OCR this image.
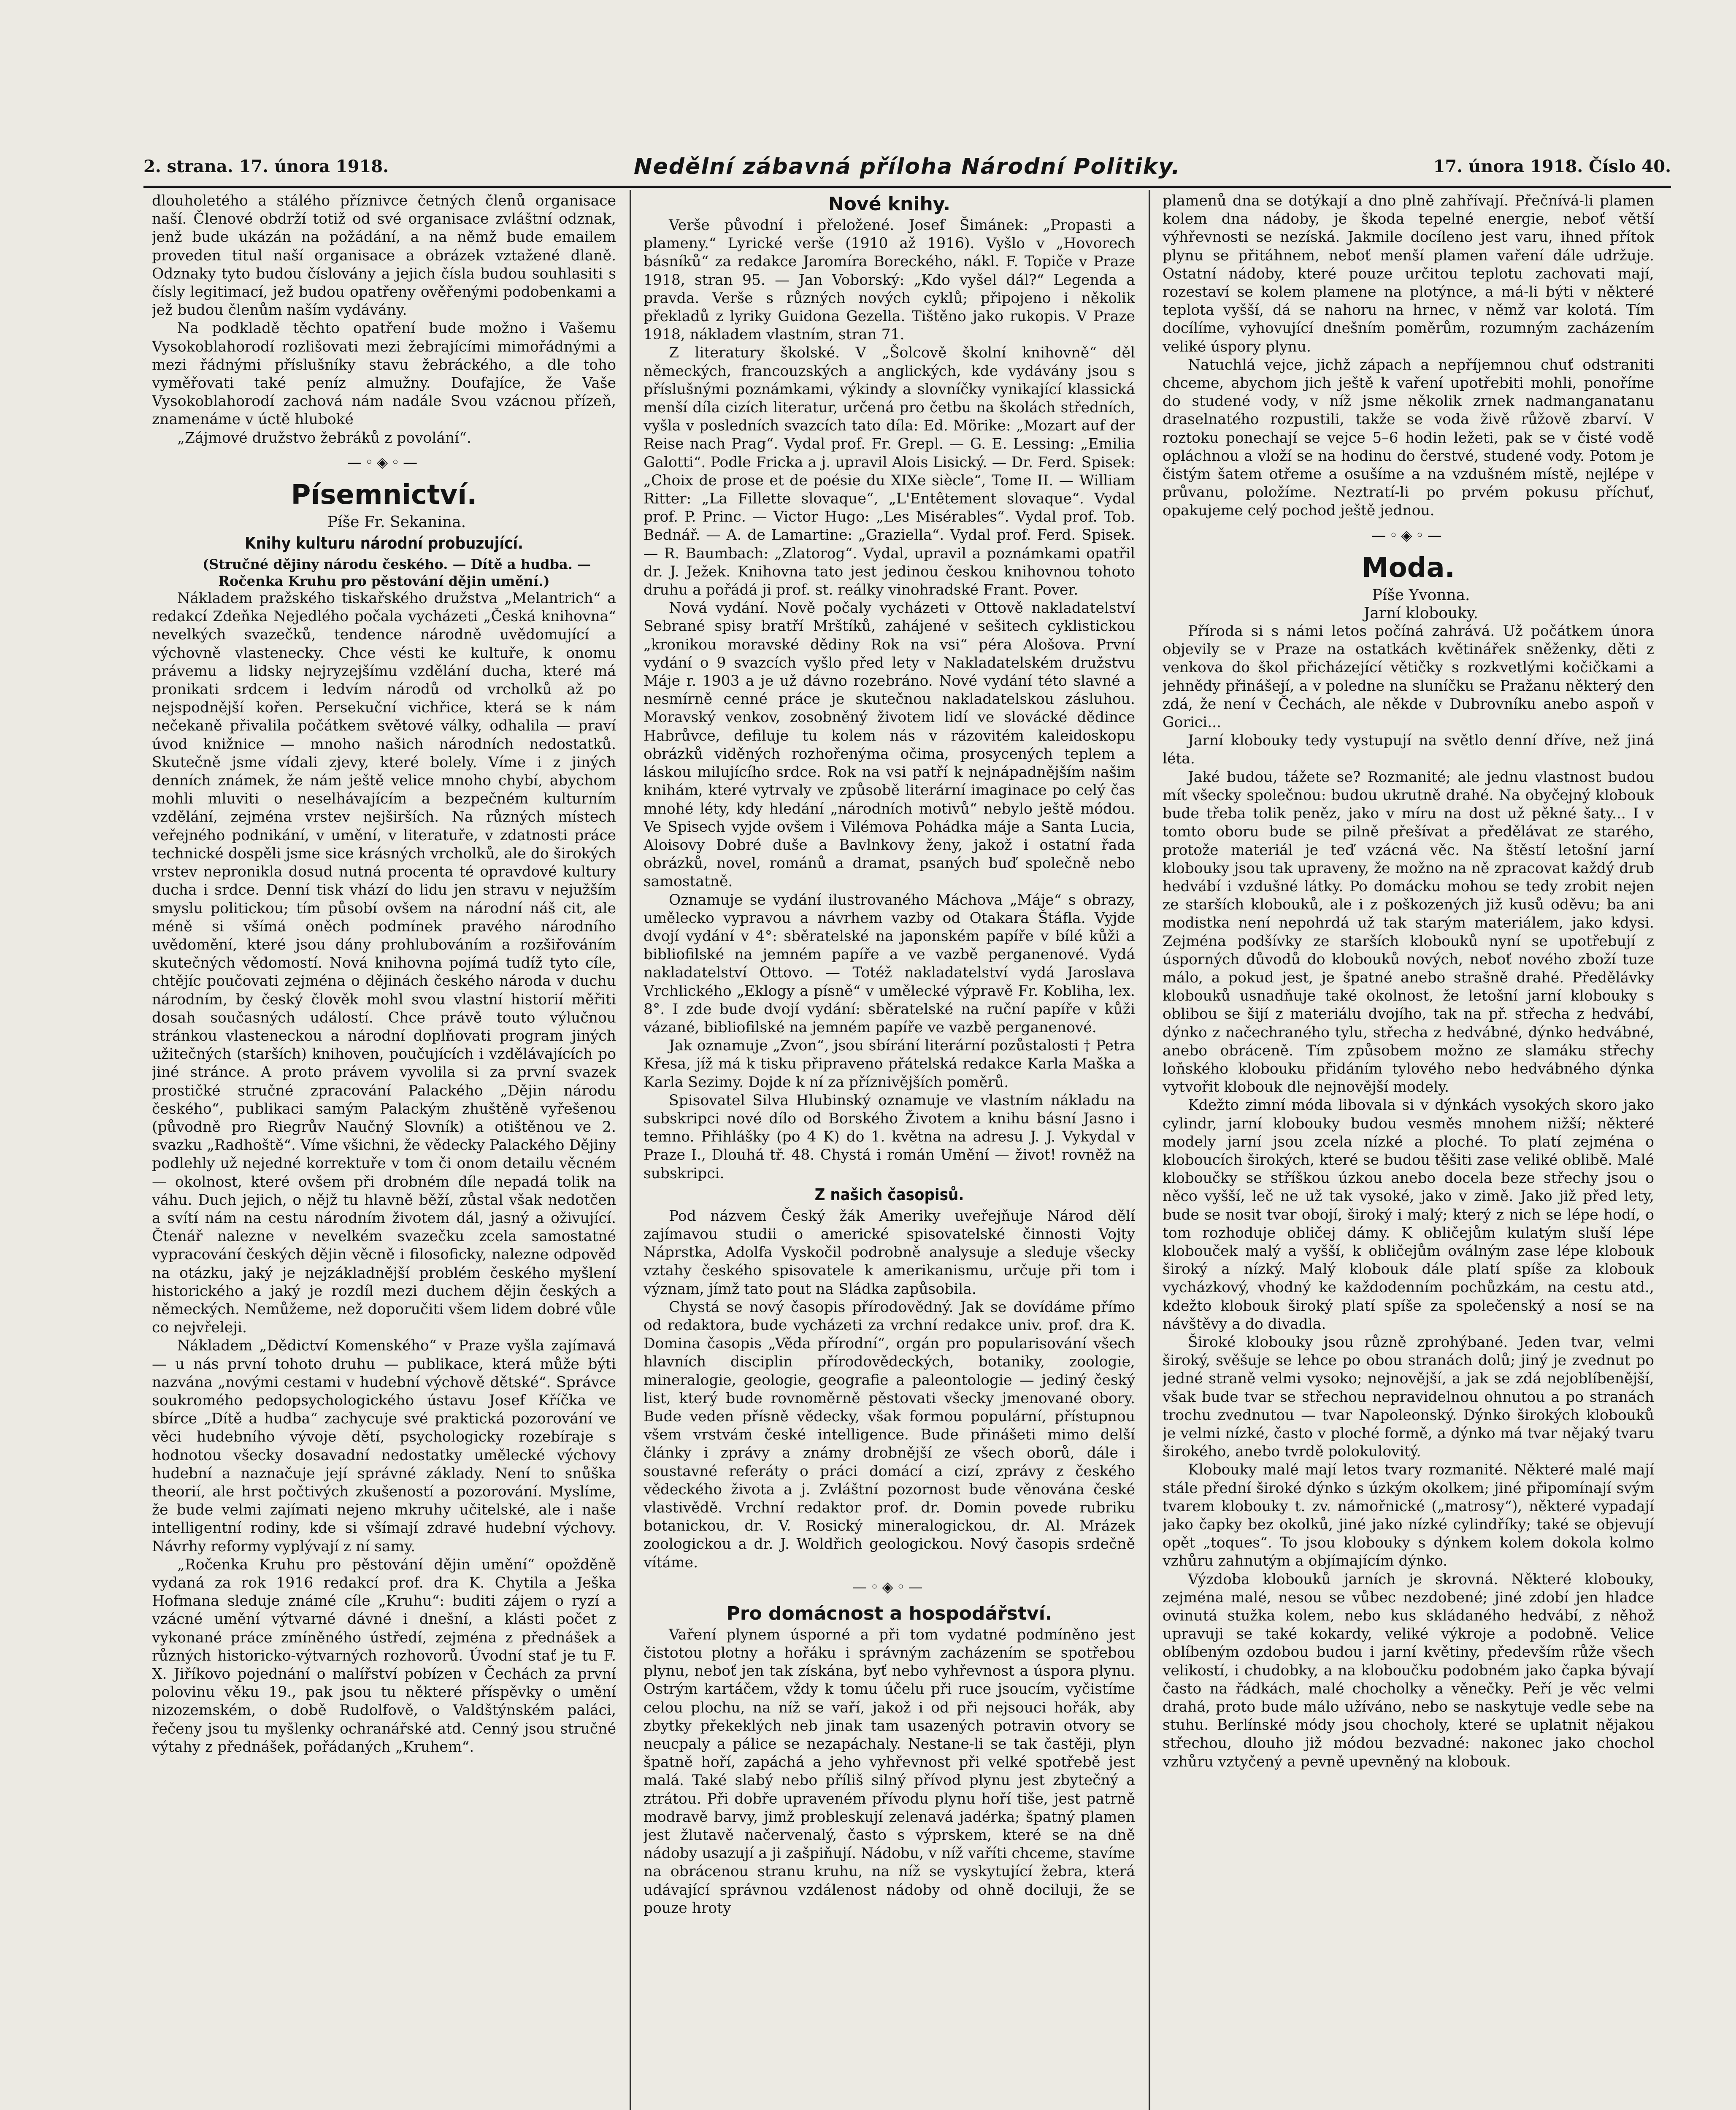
2. strana. 17. února 1918.	Nedělní zábavná příloha Národní Politiky.	17. února 1918. Číslo 40.

dlouholetého a stálého příznivce četných členů organisace naší. Členové obdrží totiž od své organisace zvláštní odznak, jenž bude ukázán na požádání, a na němž bude emailem proveden titul naší organisace a obrázek vztažené dlaně. Odznaky tyto budou číslovány a jejich čísla budou souhlasiti s čísly legitimací, jež budou opatřeny ověřenými podobenkami a jež budou členům naším vydávány.

Na podkladě těchto opatření bude možno i Vašemu Vysokoblahorodí rozlišovati mezi žebrajícími mimořádnými a mezi řádnými příslušníky stavu žebráckého, a dle toho vyměřovati také peníz almužny. Doufajíce, že Vaše Vysokoblahorodí zachová nám nadále Svou vzácnou přízeň, znamenáme v úctě hluboké

„Zájmové družstvo žebráků z povolání“.

—◦◈◦—
Písemnictví.

Píše Fr. Sekanina.

Knihy kulturu národní probuzující.

(Stručné dějiny národu českého. — Dítě a hudba. — Ročenka Kruhu pro pěstování dějin umění.)

Nákladem pražského tiskařského družstva „Melantrich“ a redakcí Zdeňka Nejedlého počala vycházeti „Česká knihovna“ nevelkých svazečků, tendence národně uvědomující a výchovně vlastenecky. Chce vésti ke kultuře, k onomu právemu a lidsky nejryzejšímu vzdělání ducha, které má pronikati srdcem i ledvím národů od vrcholků až po nejspodnější kořen. Persekuční vichřice, která se k nám nečekaně přivalila počátkem světové války, odhalila — praví úvod knižnice — mnoho našich národních nedostatků. Skutečně jsme vídali zjevy, které bolely. Víme i z jiných denních známek, že nám ještě velice mnoho chybí, abychom mohli mluviti o neselhávajícím a bezpečném kulturním vzdělání, zejména vrstev nejširších. Na různých místech veřejného podnikání, v umění, v literatuře, v zdatnosti práce technické dospěli jsme sice krásných vrcholků, ale do širokých vrstev nepronikla dosud nutná procenta té opravdové kultury ducha i srdce. Denní tisk vhází do lidu jen stravu v nejužším smyslu politickou; tím působí ovšem na národní náš cit, ale méně si všímá oněch podmínek pravého národního uvědomění, které jsou dány prohlubováním a rozšiřováním skutečných vědomostí. Nová knihovna pojímá tudíž tyto cíle, chtějíc poučovati zejména o dějinách českého národa v duchu národním, by český člověk mohl svou vlastní historií měřiti dosah současných událostí. Chce právě touto výlučnou stránkou vlasteneckou a národní doplňovati program jiných užitečných (starších) knihoven, poučujících i vzdělávajících po jiné stránce. A proto právem vyvolila si za první svazek prostičké stručné zpracování Palackého „Dějin národu českého“, publikaci samým Palackým zhuštěně vyřešenou (původně pro Riegrův Naučný Slovník) a otištěnou ve 2. svazku „Radhoště“. Víme všichni, že vědecky Palackého Dějiny podlehly už nejedné korrektuře v tom či onom detailu věcném — okolnost, které ovšem při drobném díle nepadá tolik na váhu. Duch jejich, o nějž tu hlavně běží, zůstal však nedotčen a svítí nám na cestu národním životem dál, jasný a oživující. Čtenář nalezne v nevelkém svazečku zcela samostatné vypracování českých dějin věcně i filosoficky, nalezne odpověď na otázku, jaký je nejzákladnější problém českého myšlení historického a jaký je rozdíl mezi duchem dějin českých a německých. Nemůžeme, než doporučiti všem lidem dobré vůle co nejvřeleji.

Nákladem „Dědictví Komenského“ v Praze vyšla zajímavá — u nás první tohoto druhu — publikace, která může býti nazvána „novými cestami v hudební výchově dětské“. Správce soukromého pedopsychologického ústavu Josef Kříčka ve sbírce „Dítě a hudba“ zachycuje své praktická pozorování ve věci hudebního vývoje dětí, psychologicky rozebíraje s hodnotou všecky dosavadní nedostatky umělecké výchovy hudební a naznačuje její správné základy. Není to snůška theorií, ale hrst počtivých zkušeností a pozorování. Myslíme, že bude velmi zajímati nejeno mkruhy učitelské, ale i naše intelligentní rodiny, kde si všímají zdravé hudební výchovy. Návrhy reformy vyplývají z ní samy.

„Ročenka Kruhu pro pěstování dějin umění“ opožděně vydaná za rok 1916 redakcí prof. dra K. Chytila a Ješka Hofmana sleduje známé cíle „Kruhu“: buditi zájem o ryzí a vzácné umění výtvarné dávné i dnešní, a klásti počet z vykonané práce zmíněného ústředí, zejména z přednášek a různých historicko-výtvarných rozhovorů. Úvodní stať je tu F. X. Jiříkovo pojednání o malířství pobízen v Čechách za první polovinu věku 19., pak jsou tu některé příspěvky o umění nizozemském, o době Rudolfově, o Valdštýnském paláci, řečeny jsou tu myšlenky ochranářské atd. Cenný jsou stručné výtahy z přednášek, pořádaných „Kruhem“.

Nové knihy.

Verše původní i přeložené. Josef Šimánek: „Propasti a plameny.“ Lyrické verše (1910 až 1916). Vyšlo v „Hovorech básníků“ za redakce Jaromíra Boreckého, nákl. F. Topiče v Praze 1918, stran 95. — Jan Voborský: „Kdo vyšel dál?“ Legenda a pravda. Verše s různých nových cyklů; připojeno i několik překladů z lyriky Guidona Gezella. Tištěno jako rukopis. V Praze 1918, nákladem vlastním, stran 71.

Z literatury školské. V „Šolcově školní knihovně“ děl německých, francouzských a anglických, kde vydávány jsou s příslušnými poznámkami, výkindy a slovníčky vynikající klassická menší díla cizích literatur, určená pro četbu na školách středních, vyšla v posledních svazcích tato díla: Ed. Mörike: „Mozart auf der Reise nach Prag“. Vydal prof. Fr. Grepl. — G. E. Lessing: „Emilia Galotti“. Podle Fricka a j. upravil Alois Lisický. — Dr. Ferd. Spisek: „Choix de prose et de poésie du XIXe siècle“, Tome II. — William Ritter: „La Fillette slovaque“, „L'Entêtement slovaque“. Vydal prof. P. Princ. — Victor Hugo: „Les Misérables“. Vydal prof. Tob. Bednář. — A. de Lamartine: „Graziella“. Vydal prof. Ferd. Spisek. — R. Baumbach: „Zlatorog“. Vydal, upravil a poznámkami opatřil dr. J. Ježek. Knihovna tato jest jedinou českou knihovnou tohoto druhu a pořádá ji prof. st. reálky vinohradské Frant. Pover.

Nová vydání. Nově počaly vycházeti v Ottově nakladatelství Sebrané spisy bratří Mrštíků, zahájené v sešitech cyklistickou „kronikou moravské dědiny Rok na vsi“ péra Alošova. První vydání o 9 svazcích vyšlo před lety v Nakladatelském družstvu Máje r. 1903 a je už dávno rozebráno. Nové vydání této slavné a nesmírně cenné práce je skutečnou nakladatelskou zásluhou. Moravský venkov, zosobněný životem lidí ve slovácké dědince Habrůvce, defiluje tu kolem nás v rázovitém kaleidoskopu obrázků viděných rozhořenýma očima, prosycených teplem a láskou milujícího srdce. Rok na vsi patří k nejnápadnějším našim knihám, které vytrvaly ve způsobě literární imaginace po celý čas mnohé léty, kdy hledání „národních motivů“ nebylo ještě módou. Ve Spisech vyjde ovšem i Vilémova Pohádka máje a Santa Lucia, Aloisovy Dobré duše a Bavlnkovy ženy, jakož i ostatní řada obrázků, novel, románů a dramat, psaných buď společně nebo samostatně.

Oznamuje se vydání ilustrovaného Máchova „Máje“ s obrazy, umělecko vypravou a návrhem vazby od Otakara Štáfla. Vyjde dvojí vydání v 4°: sběratelské na japonském papíře v bílé kůži a bibliofilské na jemném papíře a ve vazbě perganenové. Vydá nakladatelství Ottovo. — Totéž nakladatelství vydá Jaroslava Vrchlického „Eklogy a písně“ v umělecké výpravě Fr. Kobliha, lex. 8°. I zde bude dvojí vydání: sběratelské na ruční papíře v kůži vázané, bibliofilské na jemném papíře ve vazbě perganenové.

Jak oznamuje „Zvon“, jsou sbírání literární pozůstalosti † Petra Křesa, jíž má k tisku připraveno přátelská redakce Karla Maška a Karla Sezimy. Dojde k ní za příznivějších poměrů.

Spisovatel Silva Hlubinský oznamuje ve vlastním nákladu na subskripci nové dílo od Borského Životem a knihu básní Jasno i temno. Přihlášky (po 4 K) do 1. května na adresu J. J. Vykydal v Praze I., Dlouhá tř. 48. Chystá i román Umění — život! rovněž na subskripci.

Z našich časopisů.

Pod názvem Český žák Ameriky uveřejňuje Národ dělí zajímavou studii o americké spisovatelské činnosti Vojty Náprstka, Adolfa Vyskočil podrobně analysuje a sleduje všecky vztahy českého spisovatele k amerikanismu, určuje při tom i význam, jímž tato pout na Sládka zapůsobila.

Chystá se nový časopis přírodovědný. Jak se dovídáme přímo od redaktora, bude vycházeti za vrchní redakce univ. prof. dra K. Domina časopis „Věda přírodní“, orgán pro popularisování všech hlavních disciplin přírodovědeckých, botaniky, zoologie, mineralogie, geologie, geografie a paleontologie — jediný český list, který bude rovnoměrně pěstovati všecky jmenované obory. Bude veden přísně vědecky, však formou populární, přístupnou všem vrstvám české intelligence. Bude přinášeti mimo delší články i zprávy a známy drobnější ze všech oborů, dále i soustavné referáty o práci domácí a cizí, zprávy z českého vědeckého života a j. Zvláštní pozornost bude věnována české vlastivědě. Vrchní redaktor prof. dr. Domin povede rubriku botanickou, dr. V. Rosický mineralogickou, dr. Al. Mrázek zoologickou a dr. J. Woldřich geologickou. Nový časopis srdečně vítáme.

—◦◈◦—
Pro domácnost a hospodářství.

Vaření plynem úsporné a při tom vydatné podmíněno jest čistotou plotny a hořáku i správným zacházením se spotřebou plynu, neboť jen tak získána, byť nebo vyhřevnost a úspora plynu. Ostrým kartáčem, vždy k tomu účelu při ruce jsoucím, vyčistíme celou plochu, na níž se vaří, jakož i od při nejsouci hořák, aby zbytky překeklých neb jinak tam usazených potravin otvory se neucpaly a pálice se nezapáchaly. Nestane-li se tak častěji, plyn špatně hoří, zapáchá a jeho vyhřevnost při velké spotřebě jest malá. Také slabý nebo příliš silný přívod plynu jest zbytečný a ztrátou. Při dobře upraveném přívodu plynu hoří tiše, jest patrně modravě barvy, jimž probleskují zelenavá jadérka; špatný plamen jest žlutavě načervenalý, často s výprskem, které se na dně nádoby usazují a ji zašpiňují. Nádobu, v níž vaříti chceme, stavíme na obrácenou stranu kruhu, na níž se vyskytující žebra, která udávající správnou vzdálenost nádoby od ohně dociluji, že se pouze hroty

plamenů dna se dotýkají a dno plně zahřívají. Přečnívá-li plamen kolem dna nádoby, je škoda tepelné energie, neboť větší výhřevnosti se nezíská. Jakmile docíleno jest varu, ihned přítok plynu se přitáhnem, neboť menší plamen vaření dále udržuje. Ostatní nádoby, které pouze určitou teplotu zachovati mají, rozestaví se kolem plamene na plotýnce, a má-li býti v některé teplota vyšší, dá se nahoru na hrnec, v němž var kolotá. Tím docílíme, vyhovující dnešním poměrům, rozumným zacházením veliké úspory plynu.

Natuchlá vejce, jichž zápach a nepříjemnou chuť odstraniti chceme, abychom jich ještě k vaření upotřebiti mohli, ponoříme do studené vody, v níž jsme několik zrnek nadmanganatanu draselnatého rozpustili, takže se voda živě růžově zbarví. V roztoku ponechají se vejce 5–6 hodin ležeti, pak se v čisté vodě opláchnou a vloží se na hodinu do čerstvé, studené vody. Potom je čistým šatem otřeme a osušíme a na vzdušném místě, nejlépe v průvanu, položíme. Neztratí-li po prvém pokusu příchuť, opakujeme celý pochod ještě jednou.

—◦◈◦—
Moda.

Píše Yvonna.

Jarní klobouky.

Příroda si s námi letos počíná zahrává. Už počátkem února objevily se v Praze na ostatkách květinářek sněženky, děti z venkova do škol přicházející větičky s rozkvetlými kočičkami a jehnědy přinášejí, a v poledne na sluníčku se Pražanu některý den zdá, že není v Čechách, ale někde v Dubrovníku anebo aspoň v Gorici...

Jarní klobouky tedy vystupují na světlo denní dříve, než jiná léta.

Jaké budou, tážete se? Rozmanité; ale jednu vlastnost budou mít všecky společnou: budou ukrutně drahé. Na obyčejný klobouk bude třeba tolik peněz, jako v míru na dost už pěkné šaty... I v tomto oboru bude se pilně přešívat a předělávat ze starého, protože materiál je teď vzácná věc. Na štěstí letošní jarní klobouky jsou tak upraveny, že možno na ně zpracovat každý drub hedvábí i vzdušné látky. Po domácku mohou se tedy zrobit nejen ze starších klobouků, ale i z poškozených již kusů oděvu; ba ani modistka není nepohrdá už tak starým materiálem, jako kdysi. Zejména podšívky ze starších klobouků nyní se upotřebují z úsporných důvodů do klobouků nových, neboť nového zboží tuze málo, a pokud jest, je špatné anebo strašně drahé. Předělávky klobouků usnadňuje také okolnost, že letošní jarní klobouky s oblibou se šijí z materiálu dvojího, tak na př. střecha z hedvábí, dýnko z načechraného tylu, střecha z hedvábné, dýnko hedvábné, anebo obráceně. Tím způsobem možno ze slamáku střechy loňského klobouku přidáním tylového nebo hedvábného dýnka vytvořit klobouk dle nejnovější modely.

Kdežto zimní móda libovala si v dýnkách vysokých skoro jako cylindr, jarní klobouky budou vesměs mnohem nižší; některé modely jarní jsou zcela nízké a ploché. To platí zejména o kloboucích širokých, které se budou těšiti zase veliké oblibě. Malé kloboučky se stříškou úzkou anebo docela beze střechy jsou o něco vyšší, leč ne už tak vysoké, jako v zimě. Jako již před lety, bude se nosit tvar obojí, široký i malý; který z nich se lépe hodí, o tom rozhoduje obličej dámy. K obličejům kulatým sluší lépe klobouček malý a vyšší, k obličejům oválným zase lépe klobouk široký a nízký. Malý klobouk dále platí spíše za klobouk vycházkový, vhodný ke každodenním pochůzkám, na cestu atd., kdežto klobouk široký platí spíše za společenský a nosí se na návštěvy a do divadla.

Široké klobouky jsou různě zprohýbané. Jeden tvar, velmi široký, svěšuje se lehce po obou stranách dolů; jiný je zvednut po jedné straně velmi vysoko; nejnovější, a jak se zdá nejoblíbenější, však bude tvar se střechou nepravidelnou ohnutou a po stranách trochu zvednutou — tvar Napoleonský. Dýnko širokých klobouků je velmi nízké, často v ploché formě, a dýnko má tvar nějaký tvaru širokého, anebo tvrdě polokulovitý.

Klobouky malé mají letos tvary rozmanité. Některé malé mají stále přední široké dýnko s úzkým okolkem; jiné připomínají svým tvarem klobouky t. zv. námořnické („matrosy“), některé vypadají jako čapky bez okolků, jiné jako nízké cylindříky; také se objevují opět „toques“. To jsou klobouky s dýnkem kolem dokola kolmo vzhůru zahnutým a objímajícím dýnko.

Výzdoba klobouků jarních je skrovná. Některé klobouky, zejména malé, nesou se vůbec nezdobené; jiné zdobí jen hladce ovinutá stužka kolem, nebo kus skládaného hedvábí, z něhož upravuji se také kokardy, veliké výkroje a podobně. Velice oblíbeným ozdobou budou i jarní květiny, především růže všech velikostí, i chudobky, a na kloboučku podobném jako čapka bývají často na řádkách, malé chocholky a věnečky. Peří je věc velmi drahá, proto bude málo užíváno, nebo se naskytuje vedle sebe na stuhu. Berlínské módy jsou chocholy, které se uplatnit nějakou střechou, dlouho již módou bezvadné: nakonec jako chochol vzhůru vztyčený a pevně upevněný na klobouk.
